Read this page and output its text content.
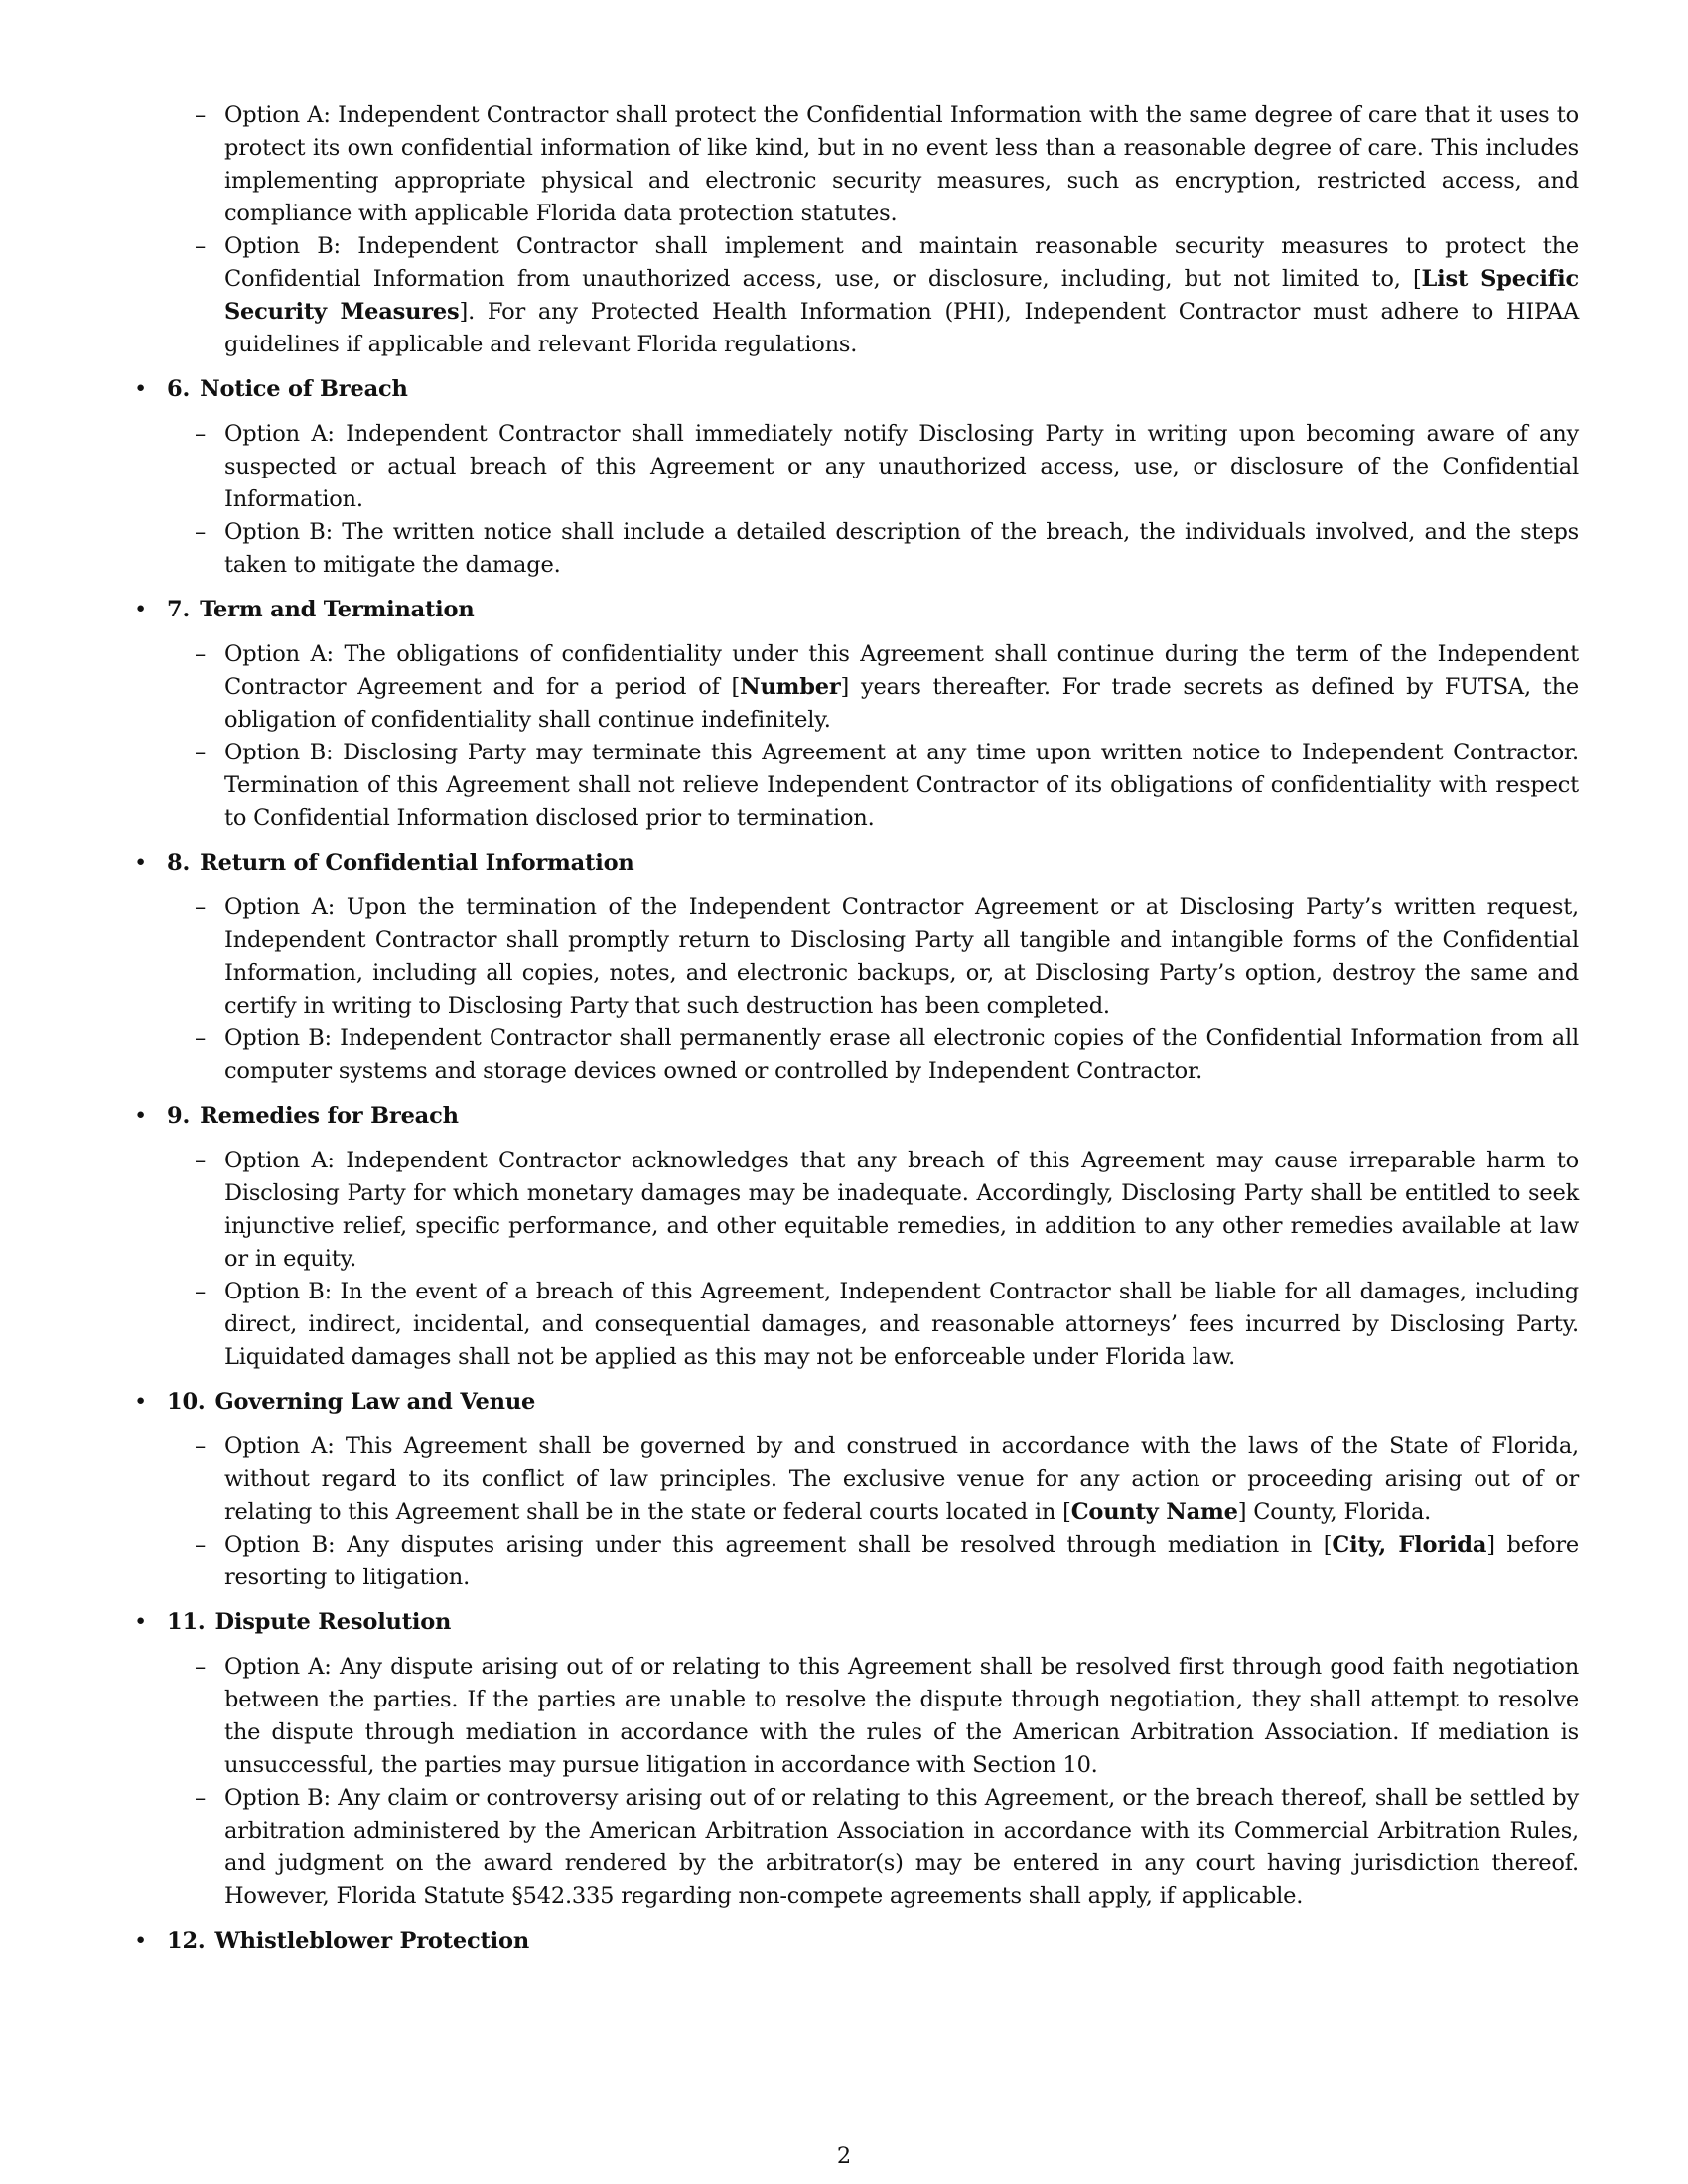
– Option A: Independent Contractor shall protect the Confidential Information with the same degree of care that it uses to protect its own confidential information of like kind, but in no event less than a reasonable degree of care. This includes implementing appropriate physical and electronic security measures, such as encryption, restricted access, and compliance with applicable Florida data protection statutes.
– Option B: Independent Contractor shall implement and maintain reasonable security measures to protect the Confidential Information from unauthorized access, use, or disclosure, including, but not limited to, [List Specific Security Measures]. For any Protected Health Information (PHI), Independent Contractor must adhere to HIPAA guidelines if applicable and relevant Florida regulations.
• 6. Notice of Breach
– Option A: Independent Contractor shall immediately notify Disclosing Party in writing upon becoming aware of any suspected or actual breach of this Agreement or any unauthorized access, use, or disclosure of the Confidential Information.
– Option B: The written notice shall include a detailed description of the breach, the individuals involved, and the steps taken to mitigate the damage.
• 7. Term and Termination
– Option A: The obligations of confidentiality under this Agreement shall continue during the term of the Independent Contractor Agreement and for a period of [Number] years thereafter. For trade secrets as defined by FUTSA, the obligation of confidentiality shall continue indefinitely.
– Option B: Disclosing Party may terminate this Agreement at any time upon written notice to Independent Contractor. Termination of this Agreement shall not relieve Independent Contractor of its obligations of confidentiality with respect to Confidential Information disclosed prior to termination.
• 8. Return of Confidential Information
– Option A: Upon the termination of the Independent Contractor Agreement or at Disclosing Party’s written request, Independent Contractor shall promptly return to Disclosing Party all tangible and intangible forms of the Confidential Information, including all copies, notes, and electronic backups, or, at Disclosing Party’s option, destroy the same and certify in writing to Disclosing Party that such destruction has been completed.
– Option B: Independent Contractor shall permanently erase all electronic copies of the Confidential Information from all computer systems and storage devices owned or controlled by Independent Contractor.
• 9. Remedies for Breach
– Option A: Independent Contractor acknowledges that any breach of this Agreement may cause irreparable harm to Disclosing Party for which monetary damages may be inadequate. Accordingly, Disclosing Party shall be entitled to seek injunctive relief, specific performance, and other equitable remedies, in addition to any other remedies available at law or in equity.
– Option B: In the event of a breach of this Agreement, Independent Contractor shall be liable for all damages, including direct, indirect, incidental, and consequential damages, and reasonable attorneys’ fees incurred by Disclosing Party. Liquidated damages shall not be applied as this may not be enforceable under Florida law.
• 10. Governing Law and Venue
– Option A: This Agreement shall be governed by and construed in accordance with the laws of the State of Florida, without regard to its conflict of law principles. The exclusive venue for any action or proceeding arising out of or relating to this Agreement shall be in the state or federal courts located in [County Name] County, Florida.
– Option B: Any disputes arising under this agreement shall be resolved through mediation in [City, Florida] before resorting to litigation.
• 11. Dispute Resolution
– Option A: Any dispute arising out of or relating to this Agreement shall be resolved first through good faith negotiation between the parties. If the parties are unable to resolve the dispute through negotiation, they shall attempt to resolve the dispute through mediation in accordance with the rules of the American Arbitration Association. If mediation is unsuccessful, the parties may pursue litigation in accordance with Section 10.
– Option B: Any claim or controversy arising out of or relating to this Agreement, or the breach thereof, shall be settled by arbitration administered by the American Arbitration Association in accordance with its Commercial Arbitration Rules, and judgment on the award rendered by the arbitrator(s) may be entered in any court having jurisdiction thereof. However, Florida Statute §542.335 regarding non-compete agreements shall apply, if applicable.
• 12. Whistleblower Protection
2
